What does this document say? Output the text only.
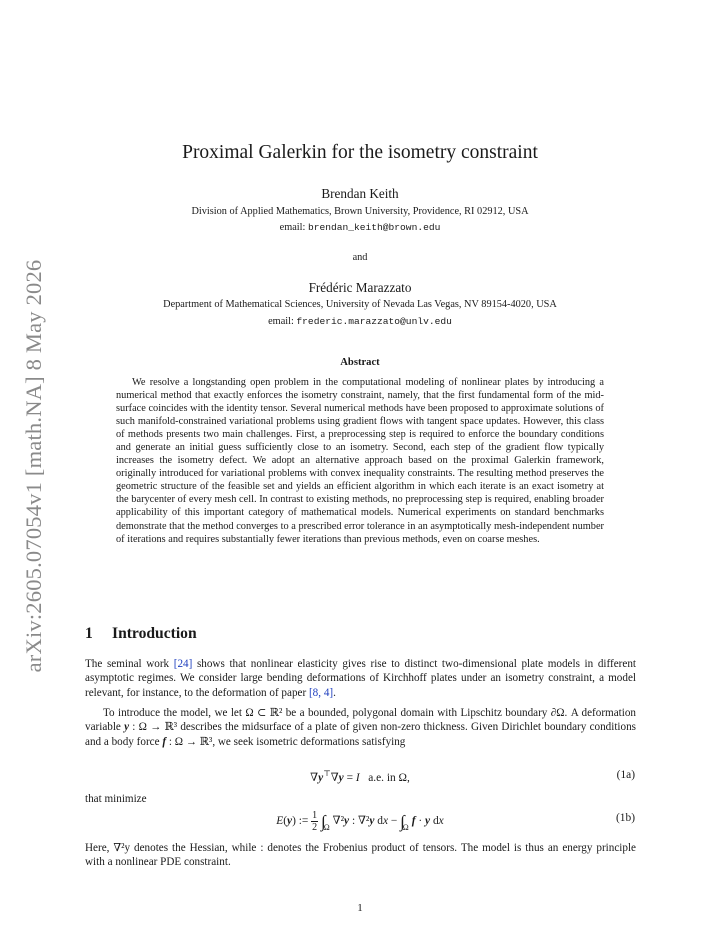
arXiv:2605.07054v1 [math.NA] 8 May 2026
Proximal Galerkin for the isometry constraint
Brendan Keith
Division of Applied Mathematics, Brown University, Providence, RI 02912, USA
email: brendan_keith@brown.edu
and
Frédéric Marazzato
Department of Mathematical Sciences, University of Nevada Las Vegas, NV 89154-4020, USA
email: frederic.marazzato@unlv.edu
Abstract

We resolve a longstanding open problem in the computational modeling of nonlinear plates by introducing a numerical method that exactly enforces the isometry constraint, namely, that the first fundamental form of the mid-surface coincides with the identity tensor. Several numerical methods have been proposed to approximate solutions of such manifold-constrained variational problems using gradient flows with tangent space updates. However, this class of methods presents two main challenges. First, a preprocessing step is required to enforce the boundary conditions and generate an initial guess sufficiently close to an isometry. Second, each step of the gradient flow typically increases the isometry defect. We adopt an alternative approach based on the proximal Galerkin framework, originally introduced for variational problems with convex inequality constraints. The resulting method preserves the geometric structure of the feasible set and yields an efficient algorithm in which each iterate is an exact isometry at the barycenter of every mesh cell. In contrast to existing methods, no preprocessing step is required, enabling broader applicability of this important category of mathematical models. Numerical experiments on standard benchmarks demonstrate that the method converges to a prescribed error tolerance in an asymptotically mesh-independent number of iterations and requires substantially fewer iterations than previous methods, even on coarse meshes.

1 Introduction

The seminal work [24] shows that nonlinear elasticity gives rise to distinct two-dimensional plate models in different asymptotic regimes. We consider large bending deformations of Kirchhoff plates under an isometry constraint, a model relevant, for instance, to the deformation of paper [8, 4].

To introduce the model, we let Ω ⊂ ℝ² be a bounded, polygonal domain with Lipschitz boundary ∂Ω. A deformation variable y : Ω → ℝ³ describes the midsurface of a plate of given non-zero thickness. Given Dirichlet boundary conditions and a body force f : Ω → ℝ³, we seek isometric deformations satisfying

∇y⊤∇y = I a.e. in Ω,	(1a)
that minimize
E(y) := $\frac{1}{2} \int_\Omega\nabla^2y$ : ∇²y dx − $\int_\Omega f \cdot y$ dx	(1b)

Here, ∇²y denotes the Hessian, while : denotes the Frobenius product of tensors. The model is thus an energy principle with a nonlinear PDE constraint.

1
